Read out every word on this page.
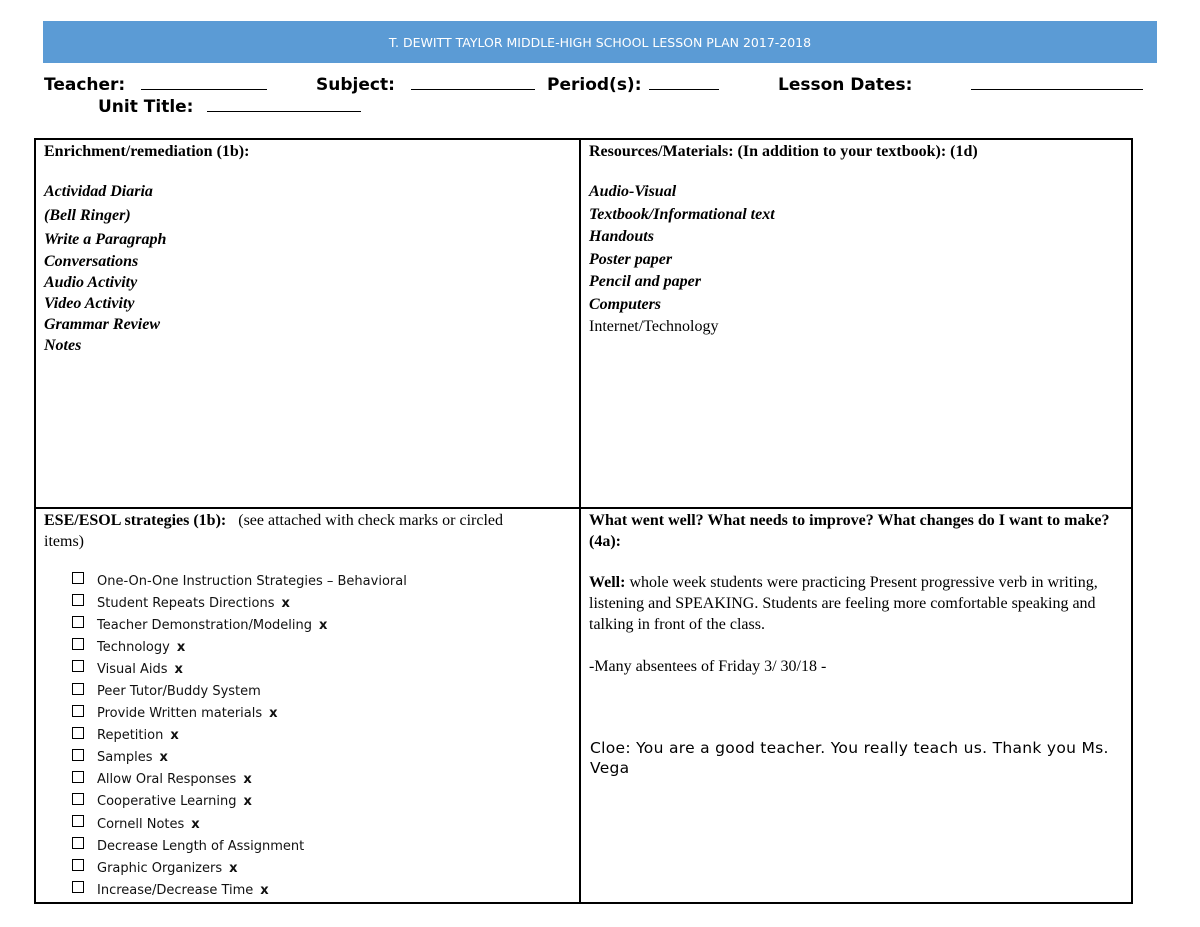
T. DEWITT TAYLOR MIDDLE-HIGH SCHOOL LESSON PLAN 2017-2018
Teacher:	Subject:	Period(s):	Lesson Dates:
Unit Title:
Enrichment/remediation (1b):
Actividad Diaria
(Bell Ringer)
Write a Paragraph
Conversations
Audio Activity
Video Activity
Grammar Review
Notes
Resources/Materials: (In addition to your textbook): (1d)
Audio-Visual
Textbook/Informational text
Handouts
Poster paper
Pencil and paper
Computers
Internet/Technology
ESE/ESOL strategies (1b): (see attached with check marks or circled
items)
One-On-One Instruction Strategies – Behavioral
Student Repeats Directions x
Teacher Demonstration/Modeling x
Technology x
Visual Aids x
Peer Tutor/Buddy System
Provide Written materials x
Repetition x
Samples x
Allow Oral Responses x
Cooperative Learning x
Cornell Notes x
Decrease Length of Assignment
Graphic Organizers x
Increase/Decrease Time x
What went well? What needs to improve? What changes do I want to make? (4a):
Well: whole week students were practicing Present progressive verb in writing, listening and SPEAKING. Students are feeling more comfortable speaking and talking in front of the class.
-Many absentees of Friday 3/ 30/18 -
Cloe: You are a good teacher. You really teach us. Thank you Ms. Vega
